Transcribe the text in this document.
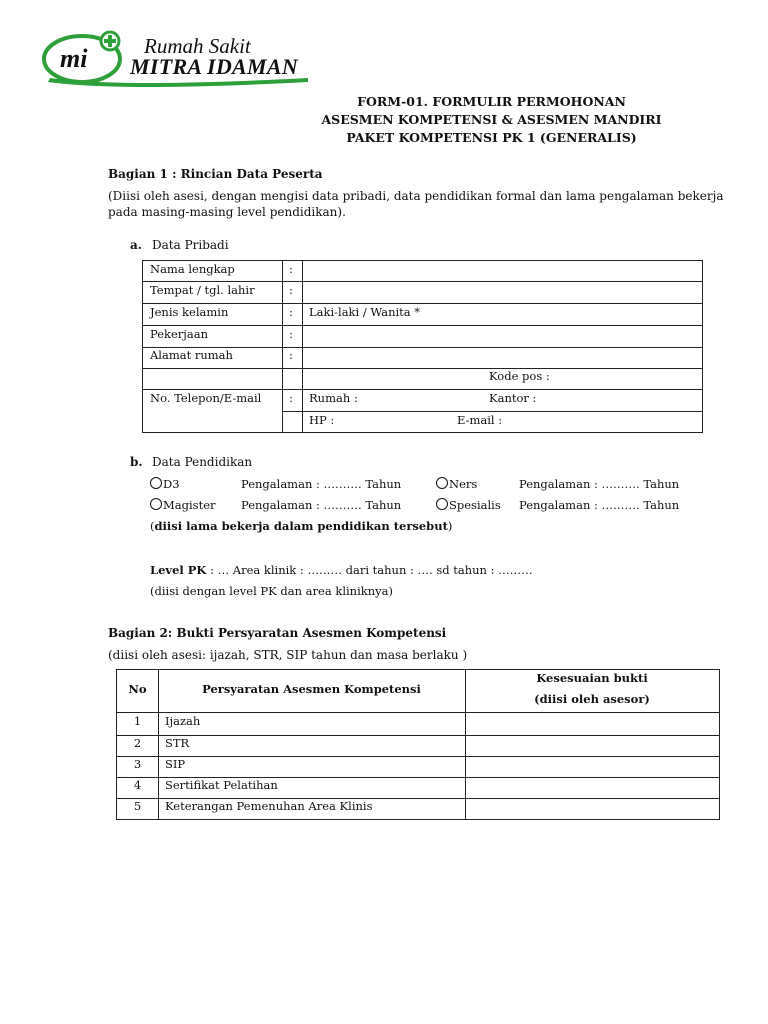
mi	Rumah Sakit
MITRA IDAMAN
FORM-01. FORMULIR PERMOHONAN
ASESMEN KOMPETENSI & ASESMEN MANDIRI
PAKET KOMPETENSI PK 1 (GENERALIS)
Bagian 1 : Rincian Data Peserta
(Diisi oleh asesi, dengan mengisi data pribadi, data pendidikan formal dan lama pengalaman bekerja
pada masing-masing level pendidikan).
a. Data Pribadi
Nama lengkap	:
Tempat / tgl. lahir	:
Jenis kelamin	: Laki-laki / Wanita *
Pekerjaan	:
Alamat rumah	:
Kode pos :
No. Telepon/E-mail : Rumah :	Kantor :
HP :	E-mail :
b. Data Pendidikan
D3	Pengalaman : ………. Tahun	Ners	Pengalaman : ………. Tahun
Magister Pengalaman : ………. Tahun	Spesialis Pengalaman : ………. Tahun
(diisi lama bekerja dalam pendidikan tersebut)
Level PK : … Area klinik : ……… dari tahun : …. sd tahun : ………
(diisi dengan level PK dan area kliniknya)
Bagian 2: Bukti Persyaratan Asesmen Kompetensi
(diisi oleh asesi: ijazah, STR, SIP tahun dan masa berlaku )
No	Persyaratan Asesmen Kompetensi
Kesesuaian bukti
(diisi oleh asesor)
1	Ijazah
2	STR
3	SIP
4	Sertifikat Pelatihan
5	Keterangan Pemenuhan Area Klinis
